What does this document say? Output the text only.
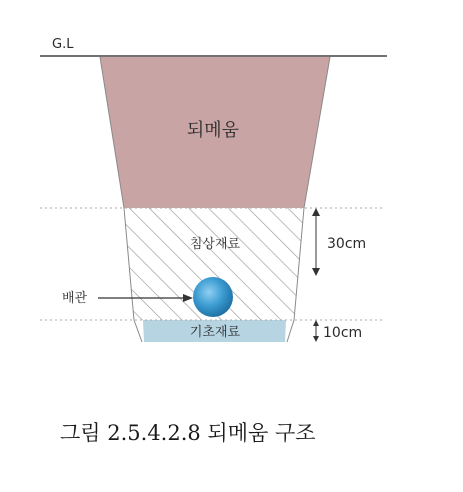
G.L
되메움
침상재료
기초재료
배관
30cm
10cm
그림 2.5.4.2.8 되메움 구조
